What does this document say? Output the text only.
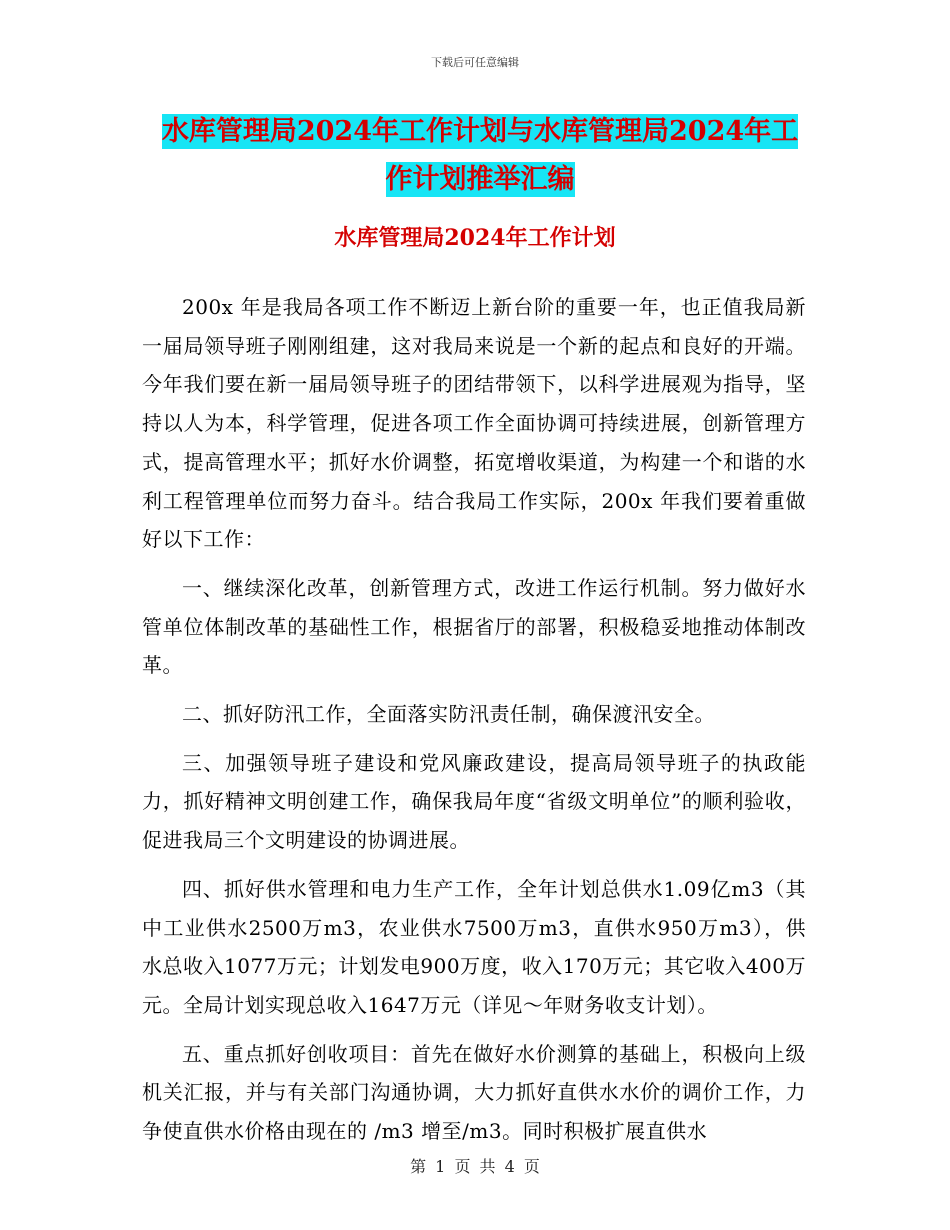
下载后可任意编辑
水库管理局2024年工作计划与水库管理局2024年工
作计划推举汇编
水库管理局2024年工作计划

200x 年是我局各项工作不断迈上新台阶的重要一年，也正值我局新一届局领导班子刚刚组建，这对我局来说是一个新的起点和良好的开端。今年我们要在新一届局领导班子的团结带领下，以科学进展观为指导，坚持以人为本，科学管理，促进各项工作全面协调可持续进展，创新管理方式，提高管理水平；抓好水价调整，拓宽增收渠道，为构建一个和谐的水利工程管理单位而努力奋斗。结合我局工作实际，200x 年我们要着重做好以下工作：

一、继续深化改革，创新管理方式，改进工作运行机制。努力做好水管单位体制改革的基础性工作，根据省厅的部署，积极稳妥地推动体制改革。

二、抓好防汛工作，全面落实防汛责任制，确保渡汛安全。

三、加强领导班子建设和党风廉政建设，提高局领导班子的执政能力，抓好精神文明创建工作，确保我局年度“省级文明单位”的顺利验收，促进我局三个文明建设的协调进展。

四、抓好供水管理和电力生产工作，全年计划总供水1.09亿m3（其中工业供水2500万m3，农业供水7500万m3，直供水950万m3），供水总收入1077万元；计划发电900万度，收入170万元；其它收入400万元。全局计划实现总收入1647万元（详见～年财务收支计划）。

五、重点抓好创收项目：首先在做好水价测算的基础上，积极向上级机关汇报，并与有关部门沟通协调，大力抓好直供水水价的调价工作，力争使直供水价格由现在的 /m3 增至/m3。同时积极扩展直供水

第 1 页 共 4 页
